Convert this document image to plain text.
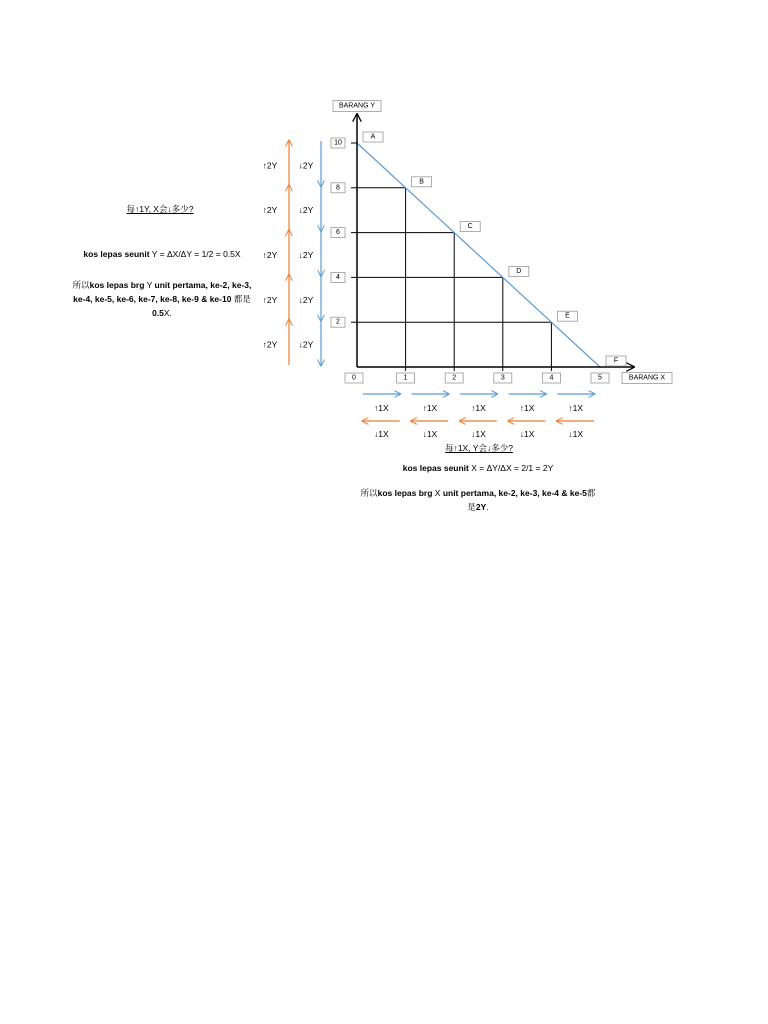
BARANG Y
BARANG X
2
4
6
8
10
0	1	2	3	4	5
A
B
C
D
E
F
↑2Y	↓2Y
↑2Y	↓2Y
↑2Y	↓2Y
↑2Y	↓2Y
↑2Y	↓2Y
↑1X
↓1X
↑1X
↓1X
↑1X
↓1X
↑1X
↓1X
↑1X
↓1X
每↑1Y, X会↓多少?
kos lepas seunit Y = ΔX/ΔY = 1/2 = 0.5X
所以kos lepas brg Y unit pertama, ke-2, ke-3, ke-4, ke-5, ke-6, ke-7, ke-8, ke-9 & ke-10 都是0.5X.
每↑1X, Y会↓多少?
kos lepas seunit X = ΔY/ΔX = 2/1 = 2Y
所以kos lepas brg X unit pertama, ke-2, ke-3, ke-4 & ke-5都是2Y.
